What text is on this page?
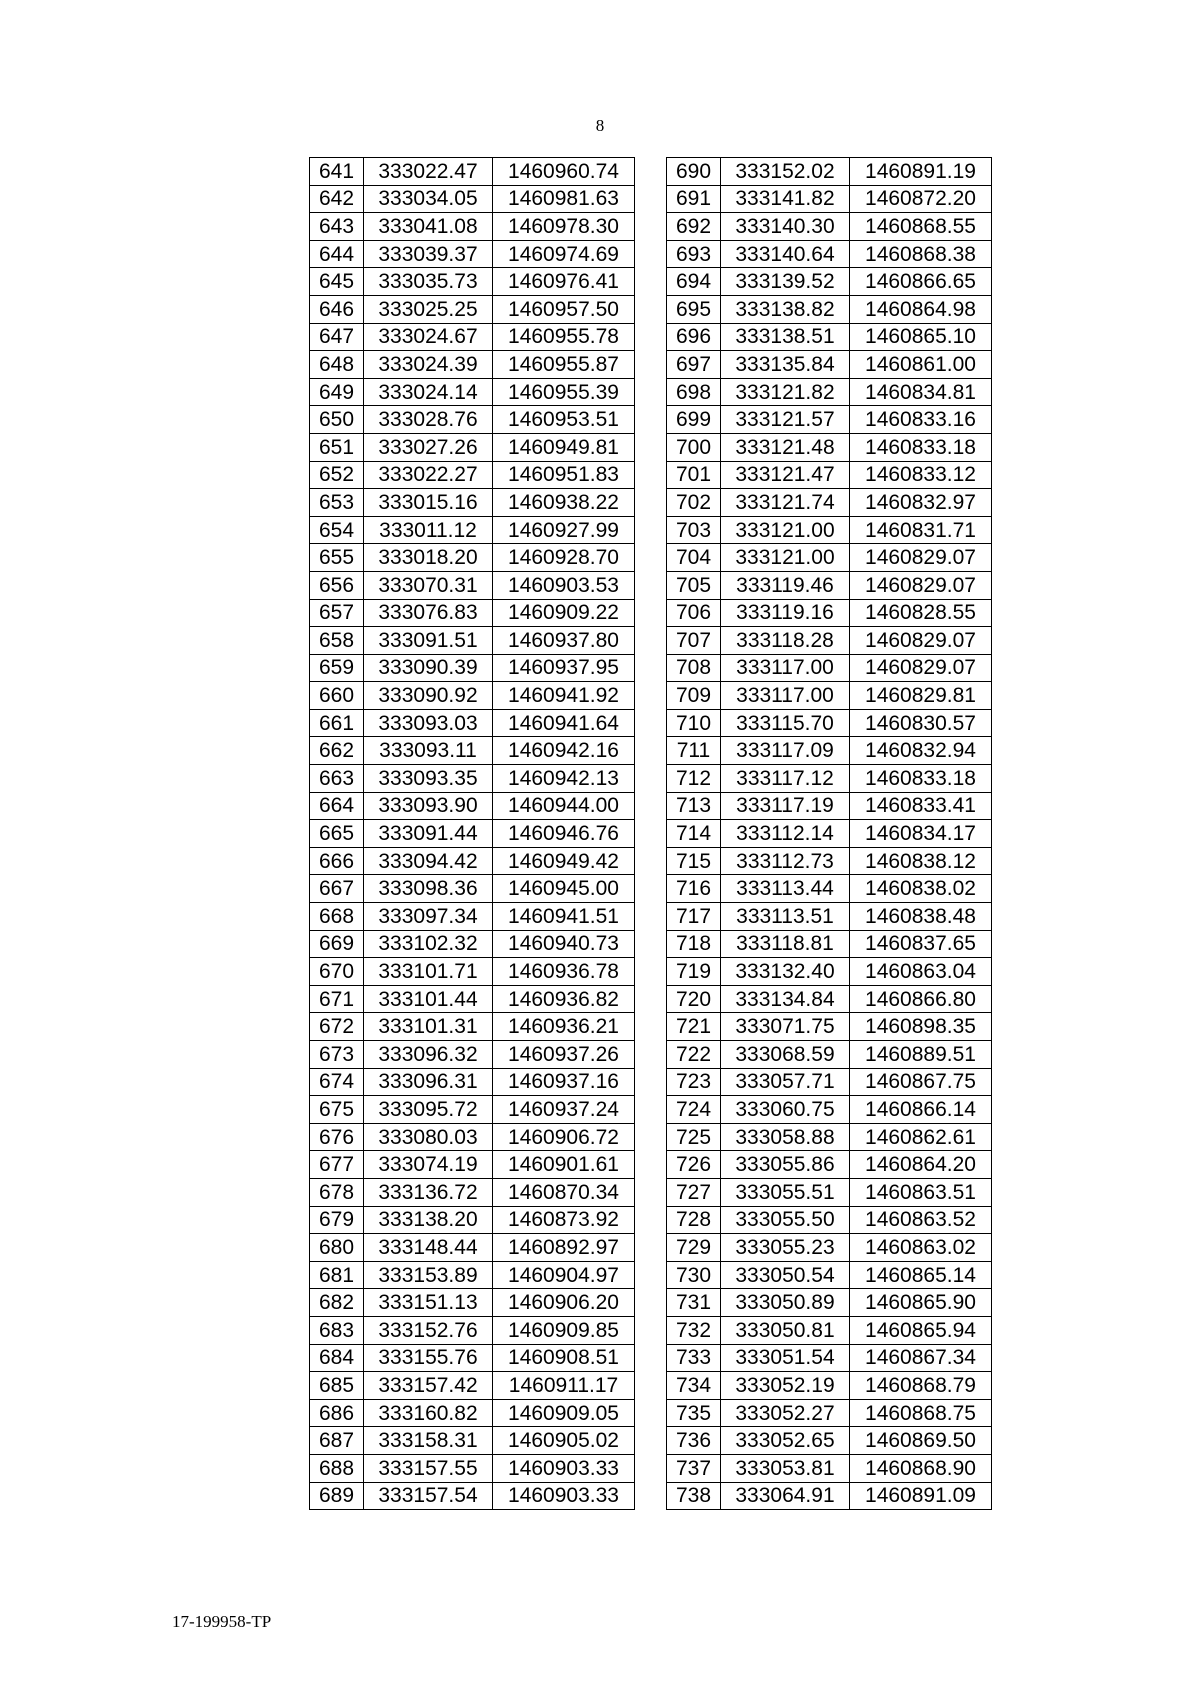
8
641	333022.47	1460960.74
642	333034.05	1460981.63
643	333041.08	1460978.30
644	333039.37	1460974.69
645	333035.73	1460976.41
646	333025.25	1460957.50
647	333024.67	1460955.78
648	333024.39	1460955.87
649	333024.14	1460955.39
650	333028.76	1460953.51
651	333027.26	1460949.81
652	333022.27	1460951.83
653	333015.16	1460938.22
654	333011.12	1460927.99
655	333018.20	1460928.70
656	333070.31	1460903.53
657	333076.83	1460909.22
658	333091.51	1460937.80
659	333090.39	1460937.95
660	333090.92	1460941.92
661	333093.03	1460941.64
662	333093.11	1460942.16
663	333093.35	1460942.13
664	333093.90	1460944.00
665	333091.44	1460946.76
666	333094.42	1460949.42
667	333098.36	1460945.00
668	333097.34	1460941.51
669	333102.32	1460940.73
670	333101.71	1460936.78
671	333101.44	1460936.82
672	333101.31	1460936.21
673	333096.32	1460937.26
674	333096.31	1460937.16
675	333095.72	1460937.24
676	333080.03	1460906.72
677	333074.19	1460901.61
678	333136.72	1460870.34
679	333138.20	1460873.92
680	333148.44	1460892.97
681	333153.89	1460904.97
682	333151.13	1460906.20
683	333152.76	1460909.85
684	333155.76	1460908.51
685	333157.42	1460911.17
686	333160.82	1460909.05
687	333158.31	1460905.02
688	333157.55	1460903.33
689	333157.54	1460903.33
690	333152.02	1460891.19
691	333141.82	1460872.20
692	333140.30	1460868.55
693	333140.64	1460868.38
694	333139.52	1460866.65
695	333138.82	1460864.98
696	333138.51	1460865.10
697	333135.84	1460861.00
698	333121.82	1460834.81
699	333121.57	1460833.16
700	333121.48	1460833.18
701	333121.47	1460833.12
702	333121.74	1460832.97
703	333121.00	1460831.71
704	333121.00	1460829.07
705	333119.46	1460829.07
706	333119.16	1460828.55
707	333118.28	1460829.07
708	333117.00	1460829.07
709	333117.00	1460829.81
710	333115.70	1460830.57
711	333117.09	1460832.94
712	333117.12	1460833.18
713	333117.19	1460833.41
714	333112.14	1460834.17
715	333112.73	1460838.12
716	333113.44	1460838.02
717	333113.51	1460838.48
718	333118.81	1460837.65
719	333132.40	1460863.04
720	333134.84	1460866.80
721	333071.75	1460898.35
722	333068.59	1460889.51
723	333057.71	1460867.75
724	333060.75	1460866.14
725	333058.88	1460862.61
726	333055.86	1460864.20
727	333055.51	1460863.51
728	333055.50	1460863.52
729	333055.23	1460863.02
730	333050.54	1460865.14
731	333050.89	1460865.90
732	333050.81	1460865.94
733	333051.54	1460867.34
734	333052.19	1460868.79
735	333052.27	1460868.75
736	333052.65	1460869.50
737	333053.81	1460868.90
738	333064.91	1460891.09
17-199958-TP
